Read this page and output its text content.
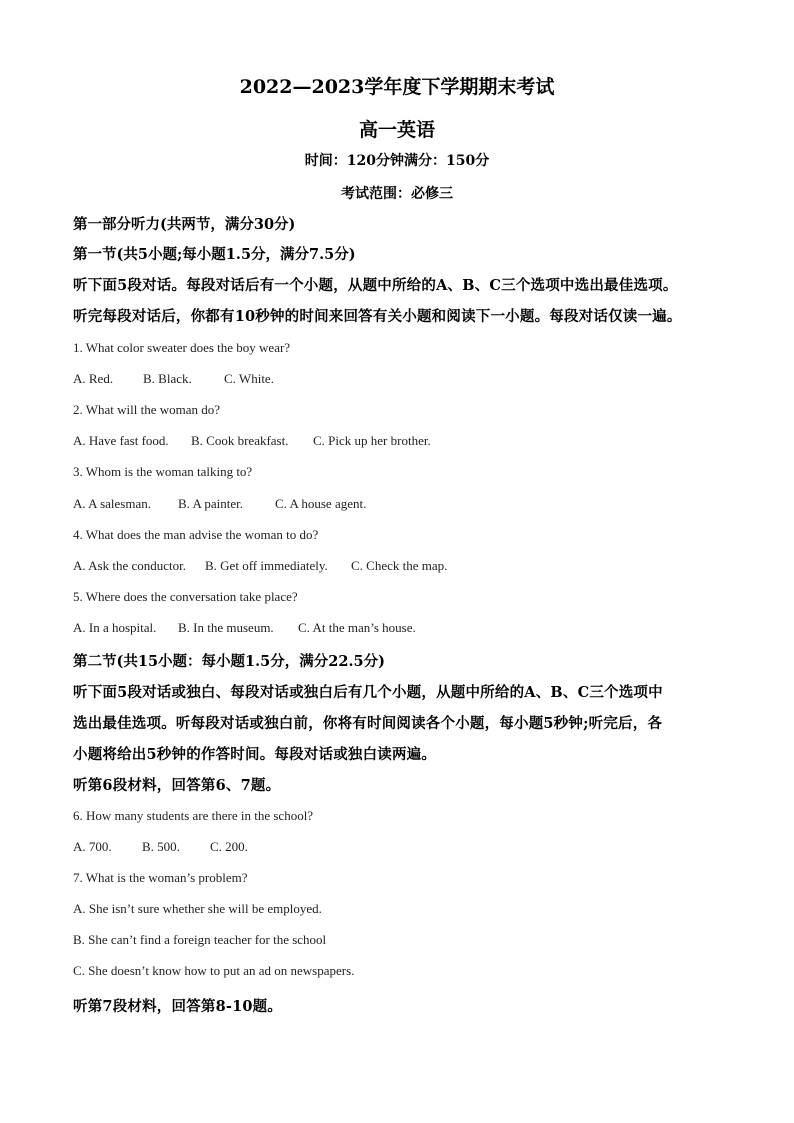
2022—2023学年度下学期期末考试
高一英语
时间：120分钟满分：150分
考试范围：必修三
第一部分听力(共两节，满分30分)
第一节(共5小题;每小题1.5分，满分7.5分)
听下面5段对话。每段对话后有一个小题，从题中所给的A、B、C三个选项中选出最佳选项。
听完每段对话后，你都有10秒钟的时间来回答有关小题和阅读下一小题。每段对话仅读一遍。
1. What color sweater does the boy wear?
A. Red. B. Black. C. White.
2. What will the woman do?
A. Have fast food. B. Cook breakfast. C. Pick up her brother.
3. Whom is the woman talking to?
A. A salesman. B. A painter. C. A house agent.
4. What does the man advise the woman to do?
A. Ask the conductor. B. Get off immediately. C. Check the map.
5. Where does the conversation take place?
A. In a hospital. B. In the museum. C. At the man’s house.
第二节(共15小题：每小题1.5分，满分22.5分)
听下面5段对话或独白、每段对话或独白后有几个小题，从题中所给的A、B、C三个选项中
选出最佳选项。听每段对话或独白前，你将有时间阅读各个小题，每小题5秒钟;听完后，各
小题将给出5秒钟的作答时间。每段对话或独白读两遍。
听第6段材料，回答第6、7题。
6. How many students are there in the school?
A. 700. B. 500. C. 200.
7. What is the woman’s problem?
A. She isn’t sure whether she will be employed.
B. She can’t find a foreign teacher for the school
C. She doesn’t know how to put an ad on newspapers.
听第7段材料，回答第8-10题。
